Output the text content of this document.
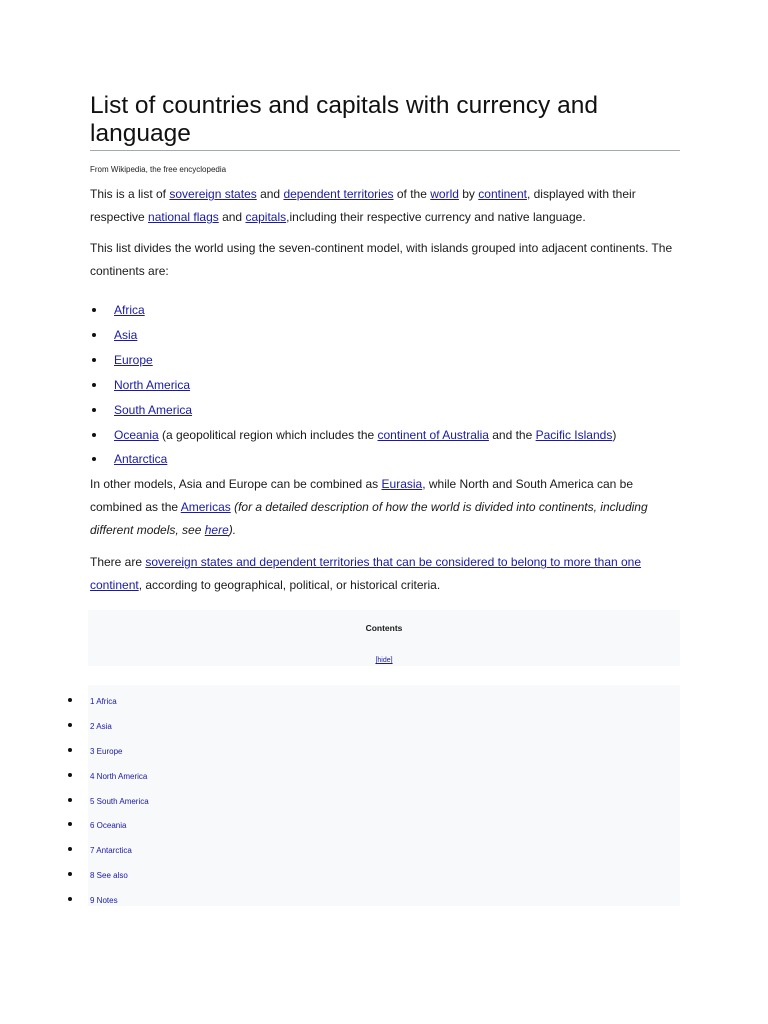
List of countries and capitals with currency and language
From Wikipedia, the free encyclopedia

This is a list of sovereign states and dependent territories of the world by continent, displayed with their respective national flags and capitals,including their respective currency and native language.

This list divides the world using the seven-continent model, with islands grouped into adjacent continents. The continents are:

Africa
Asia
Europe
North America
South America
Oceania (a geopolitical region which includes the continent of Australia and the Pacific Islands)
Antarctica

In other models, Asia and Europe can be combined as Eurasia, while North and South America can be combined as the Americas (for a detailed description of how the world is divided into continents, including different models, see here).

There are sovereign states and dependent territories that can be considered to belong to more than one continent, according to geographical, political, or historical criteria.

Contents
[hide]
1 Africa
2 Asia
3 Europe
4 North America
5 South America
6 Oceania
7 Antarctica
8 See also
9 Notes
